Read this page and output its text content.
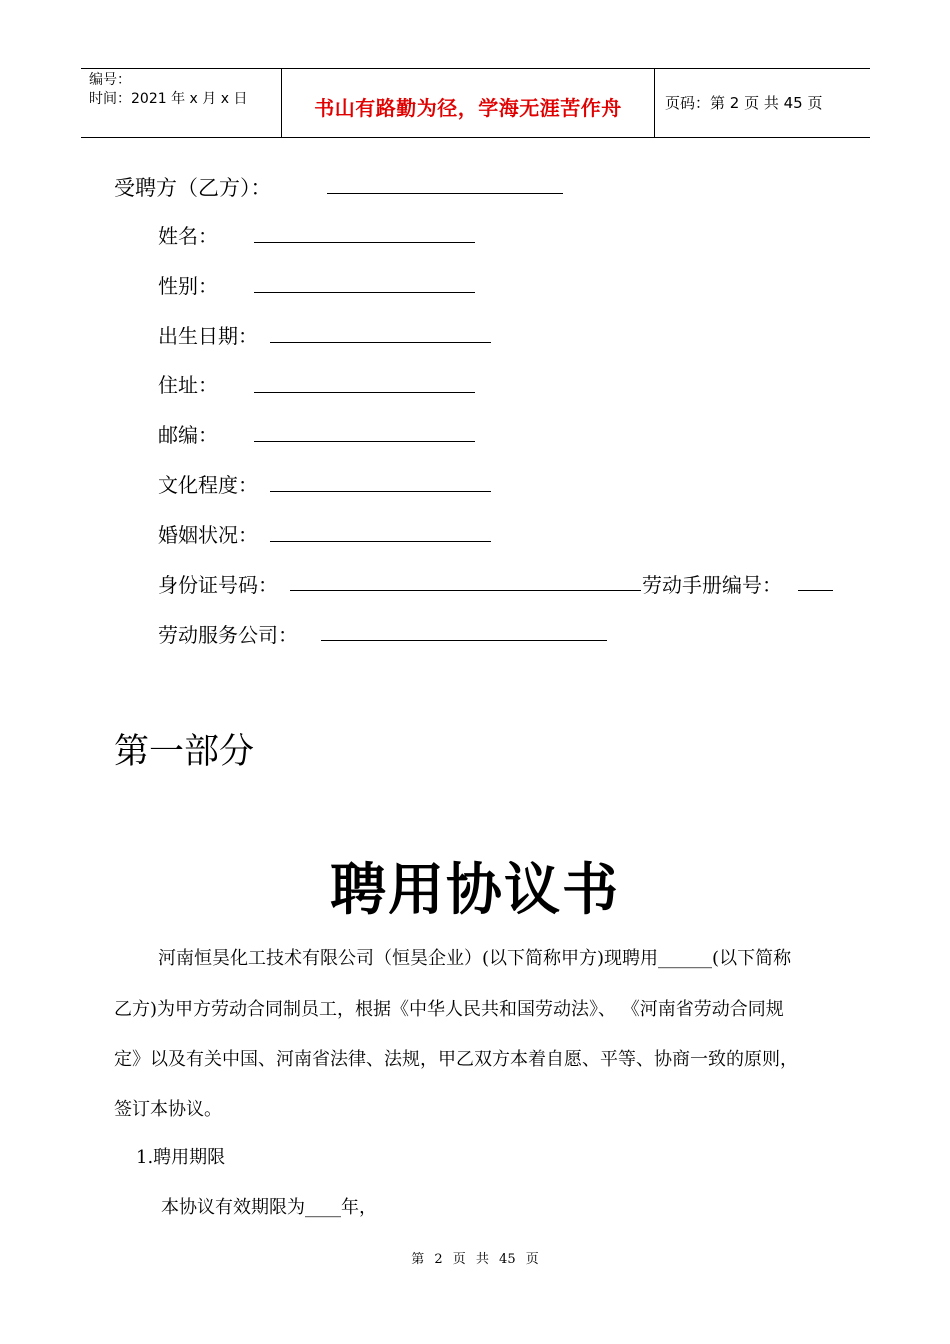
编号：
时间：2021 年 x 月 x 日	书山有路勤为径，学海无涯苦作舟	页码：第 2 页 共 45 页
受聘方（乙方）：
姓名：
性别：
出生日期：
住址：
邮编：
文化程度：
婚姻状况：
身份证号码：	劳动手册编号：
劳动服务公司：
第一部分
聘用协议书
河南恒昊化工技术有限公司（恒昊企业）(以下简称甲方)现聘用______(以下简称
乙方)为甲方劳动合同制员工，根据《中华人民共和国劳动法》、 《河南省劳动合同规
定》以及有关中国、河南省法律、法规，甲乙双方本着自愿、平等、协商一致的原则，
签订本协议。
1.聘用期限
本协议有效期限为____年，
第 2 页 共 45 页
